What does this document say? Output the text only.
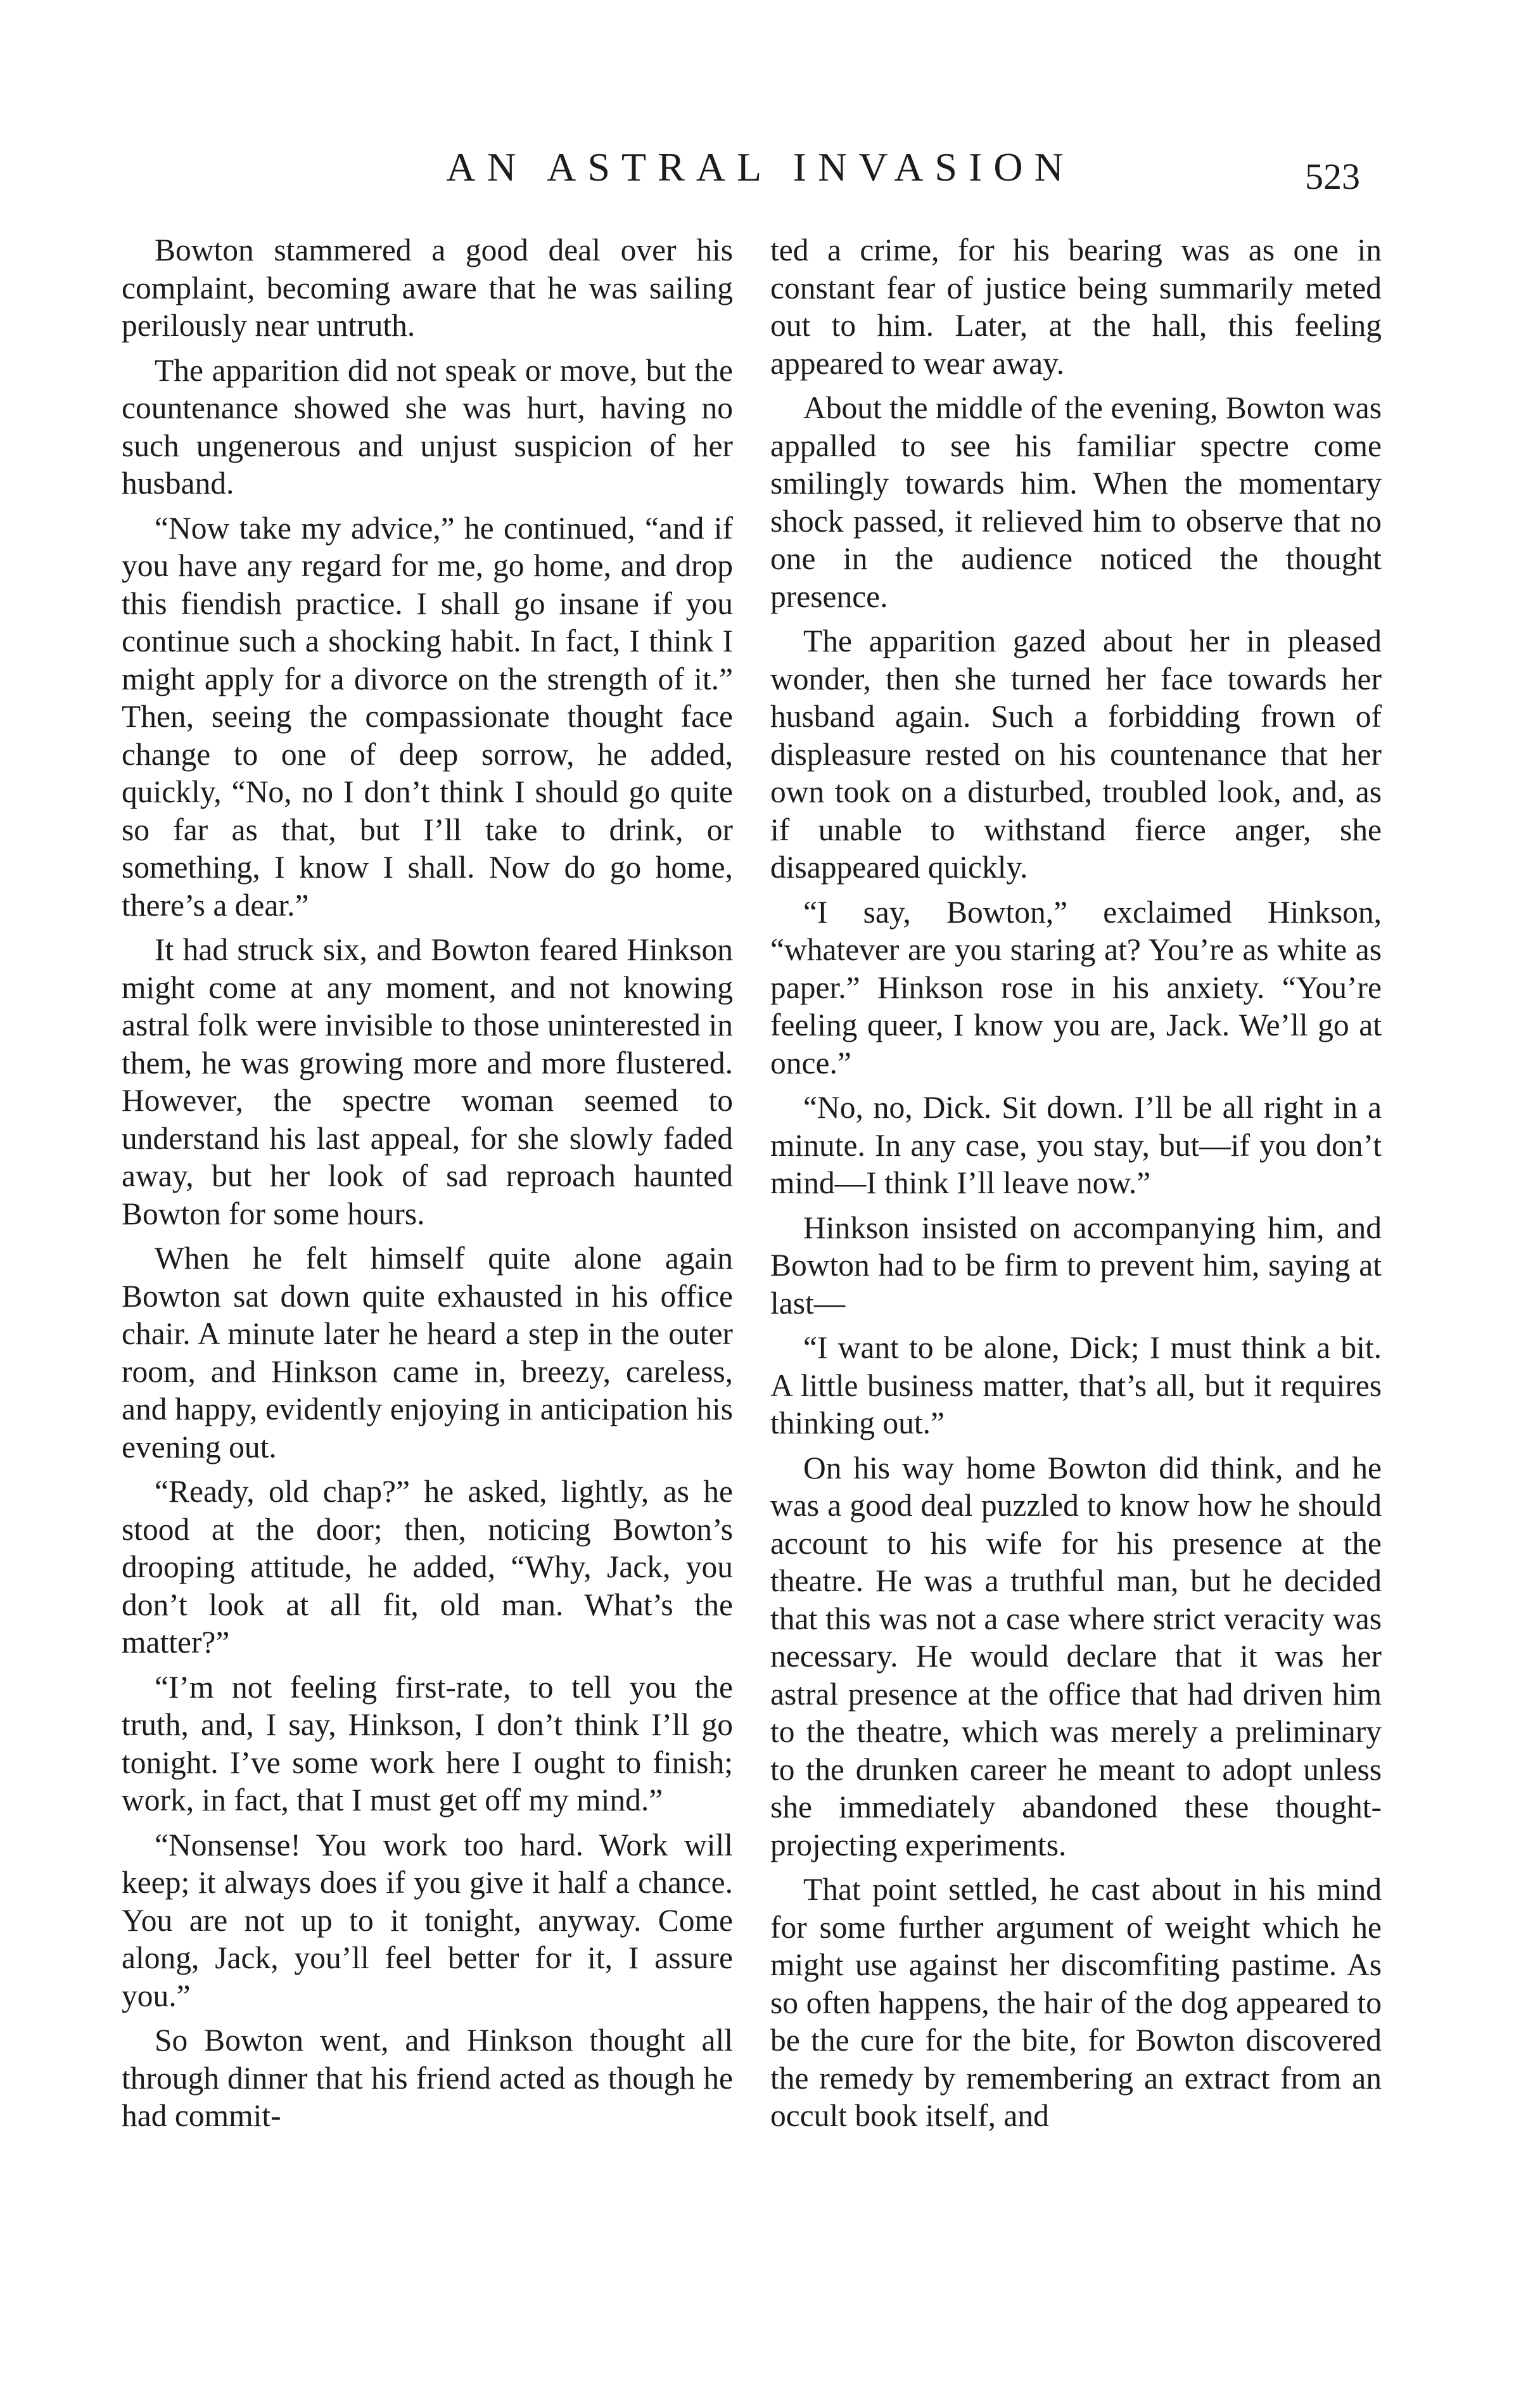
AN ASTRAL INVASION	523

Bowton stammered a good deal over his complaint, becoming aware that he was sailing perilously near untruth.

The apparition did not speak or move, but the countenance showed she was hurt, having no such ungenerous and unjust suspicion of her husband.

“Now take my advice,” he continued, “and if you have any regard for me, go home, and drop this fiendish practice. I shall go insane if you continue such a shocking habit. In fact, I think I might apply for a divorce on the strength of it.” Then, seeing the compassionate thought face change to one of deep sorrow, he added, quickly, “No, no I don’t think I should go quite so far as that, but I’ll take to drink, or something, I know I shall. Now do go home, there’s a dear.”

It had struck six, and Bowton feared Hinkson might come at any moment, and not knowing astral folk were invisible to those uninterested in them, he was growing more and more flustered. However, the spectre woman seemed to understand his last appeal, for she slowly faded away, but her look of sad reproach haunted Bowton for some hours.

When he felt himself quite alone again Bowton sat down quite exhausted in his office chair. A minute later he heard a step in the outer room, and Hinkson came in, breezy, careless, and happy, evidently enjoying in anticipation his evening out.

“Ready, old chap?” he asked, lightly, as he stood at the door; then, noticing Bowton’s drooping attitude, he added, “Why, Jack, you don’t look at all fit, old man. What’s the matter?”

“I’m not feeling first-rate, to tell you the truth, and, I say, Hinkson, I don’t think I’ll go tonight. I’ve some work here I ought to finish; work, in fact, that I must get off my mind.”

“Nonsense! You work too hard. Work will keep; it always does if you give it half a chance. You are not up to it tonight, anyway. Come along, Jack, you’ll feel better for it, I assure you.”

So Bowton went, and Hinkson thought all through dinner that his friend acted as though he had commit-

ted a crime, for his bearing was as one in constant fear of justice being summarily meted out to him. Later, at the hall, this feeling appeared to wear away.

About the middle of the evening, Bowton was appalled to see his familiar spectre come smilingly towards him. When the momentary shock passed, it relieved him to observe that no one in the audience noticed the thought presence.

The apparition gazed about her in pleased wonder, then she turned her face towards her husband again. Such a forbidding frown of displeasure rested on his countenance that her own took on a disturbed, troubled look, and, as if unable to withstand fierce anger, she disappeared quickly.

“I say, Bowton,” exclaimed Hinkson, “whatever are you staring at? You’re as white as paper.” Hinkson rose in his anxiety. “You’re feeling queer, I know you are, Jack. We’ll go at once.”

“No, no, Dick. Sit down. I’ll be all right in a minute. In any case, you stay, but—if you don’t mind—I think I’ll leave now.”

Hinkson insisted on accompanying him, and Bowton had to be firm to prevent him, saying at last—

“I want to be alone, Dick; I must think a bit. A little business matter, that’s all, but it requires thinking out.”

On his way home Bowton did think, and he was a good deal puzzled to know how he should account to his wife for his presence at the theatre. He was a truthful man, but he decided that this was not a case where strict veracity was necessary. He would declare that it was her astral presence at the office that had driven him to the theatre, which was merely a preliminary to the drunken career he meant to adopt unless she immediately abandoned these thought-projecting experiments.

That point settled, he cast about in his mind for some further argument of weight which he might use against her discomfiting pastime. As so often happens, the hair of the dog appeared to be the cure for the bite, for Bowton discovered the remedy by remembering an extract from an occult book itself, and
